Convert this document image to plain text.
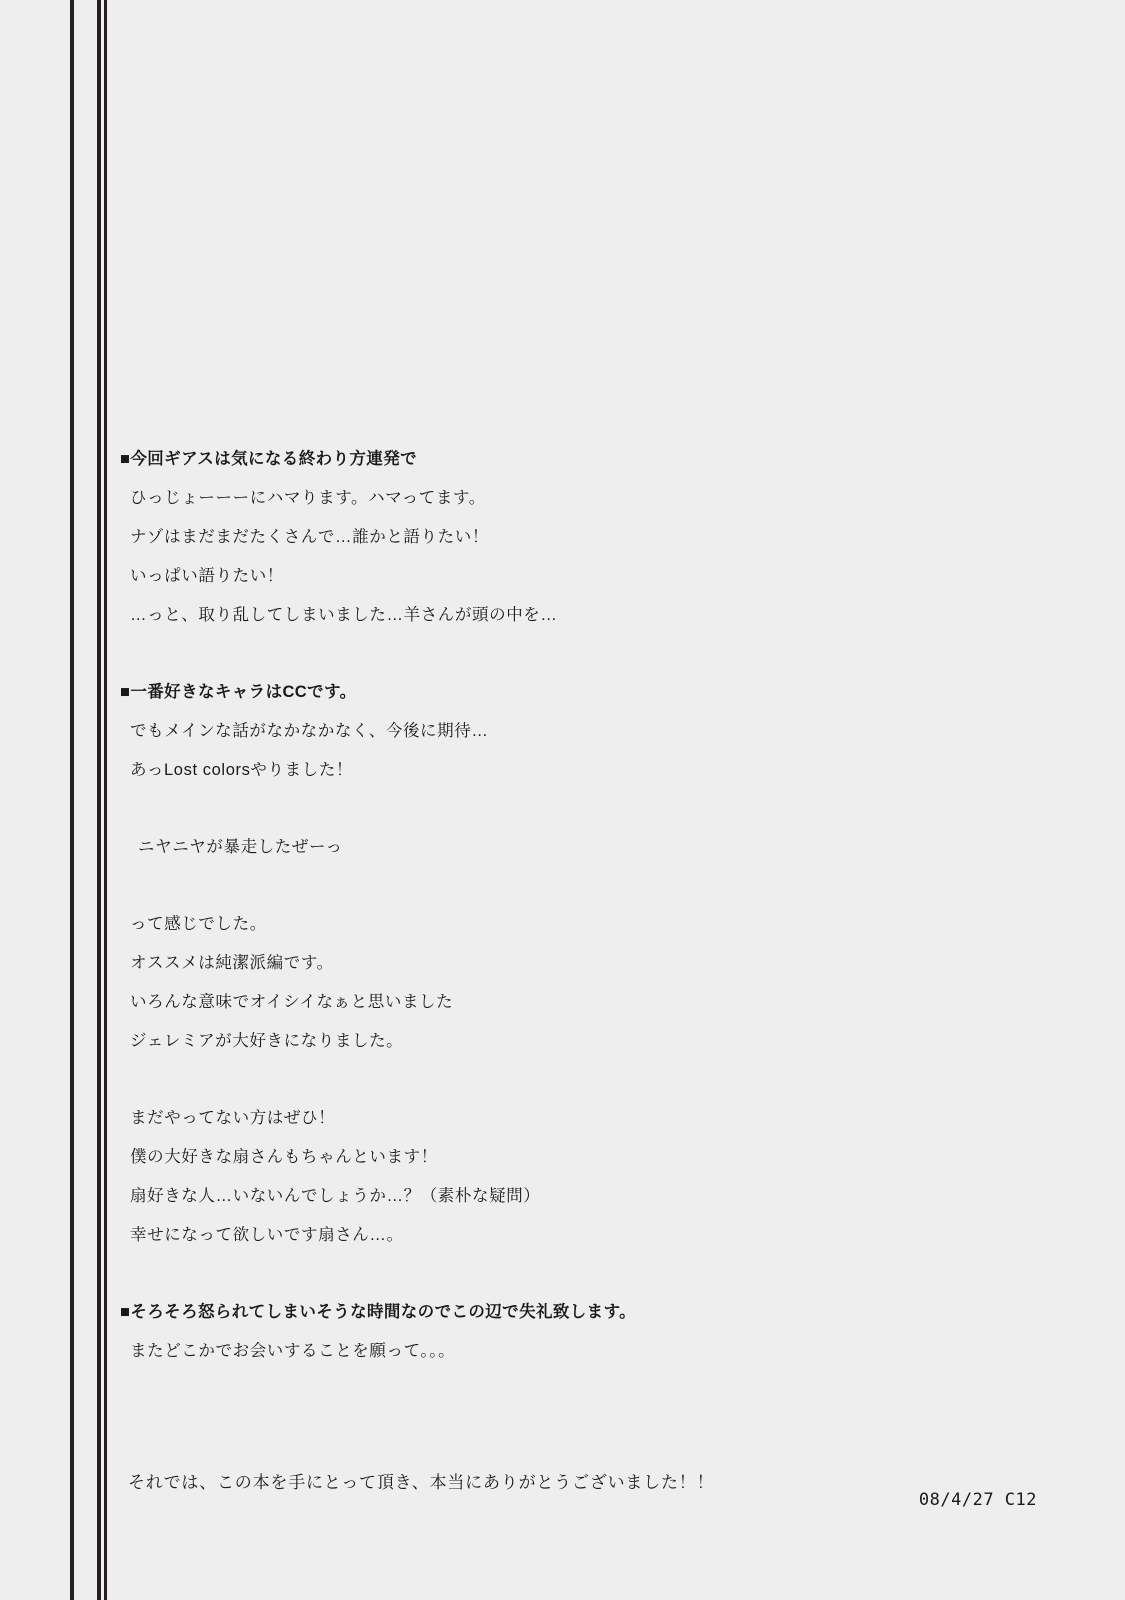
■今回ギアスは気になる終わり方連発で
ひっじょーーーにハマります。ハマってます。
ナゾはまだまだたくさんで…誰かと語りたい！
いっぱい語りたい！
…っと、取り乱してしまいました…羊さんが頭の中を…
■一番好きなキャラはCCです。
でもメインな話がなかなかなく、今後に期待…
あっLost colorsやりました！
ニヤニヤが暴走したぜーっ
って感じでした。
オススメは純潔派編です。
いろんな意味でオイシイなぁと思いました
ジェレミアが大好きになりました。
まだやってない方はぜひ！
僕の大好きな扇さんもちゃんといます！
扇好きな人…いないんでしょうか…？（素朴な疑問）
幸せになって欲しいです扇さん…。
■そろそろ怒られてしまいそうな時間なのでこの辺で失礼致します。
またどこかでお会いすることを願って。。。
それでは、この本を手にとって頂き、本当にありがとうございました！！
08/4/27 C12
